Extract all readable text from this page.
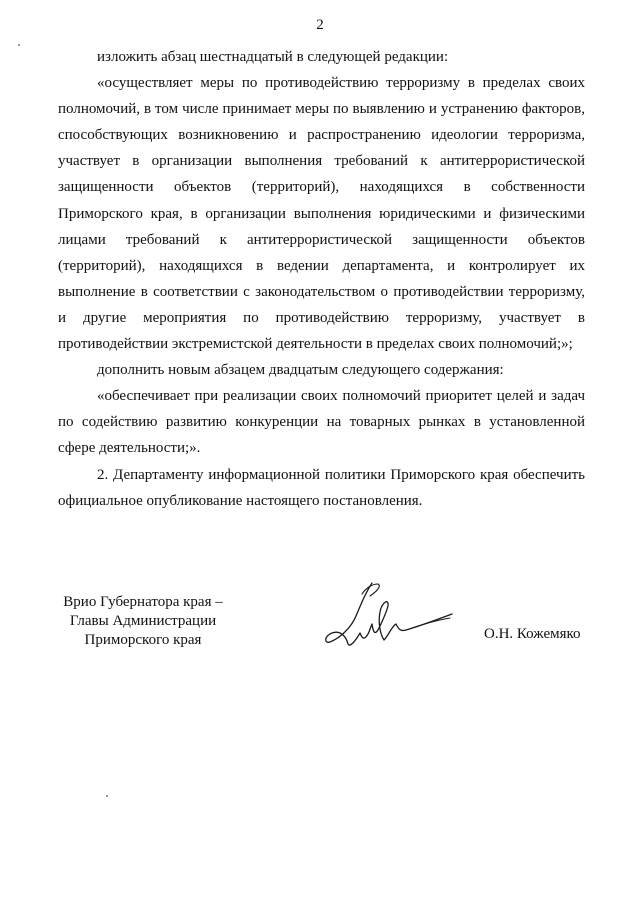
2

изложить абзац шестнадцатый в следующей редакции:

«осуществляет меры по противодействию терроризму в пределах своих полномочий, в том числе принимает меры по выявлению и устранению факторов, способствующих возникновению и распространению идеологии терроризма, участвует в организации выполнения требований к антитеррористической защищенности объектов (территорий), находящихся в собственности Приморского края, в организации выполнения юридическими и физическими лицами требований к антитеррористической защищенности объектов (территорий), находящихся в ведении департамента, и контролирует их выполнение в соответствии с законодательством о противодействии терроризму, и другие мероприятия по противодействию терроризму, участвует в противодействии экстремистской деятельности в пределах своих полномочий;»;

дополнить новым абзацем двадцатым следующего содержания:

«обеспечивает при реализации своих полномочий приоритет целей и задач по содействию развитию конкуренции на товарных рынках в установленной сфере деятельности;».

2. Департаменту информационной политики Приморского края обеспечить официальное опубликование настоящего постановления.

Врио Губернатора края –
Главы Администрации
Приморского края	О.Н. Кожемяко
